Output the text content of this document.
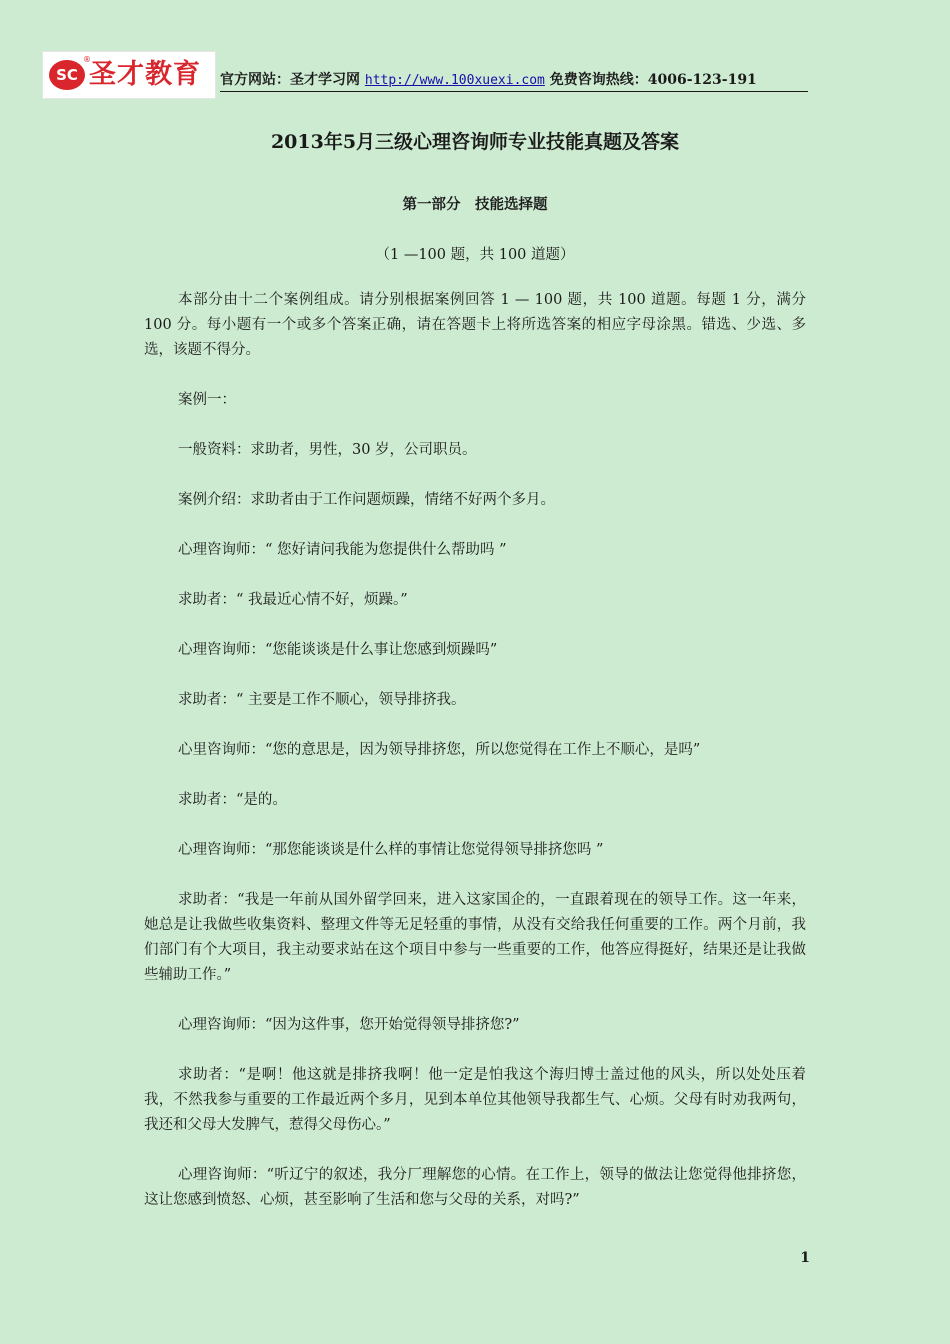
SC
®
圣才教育 官方网站：圣才学习网 http://www.100xuexi.com 免费咨询热线：4006-123-191
2013年5月三级心理咨询师专业技能真题及答案
第一部分　技能选择题
（1 —100 题，共 100 道题）

本部分由十二个案例组成。请分别根据案例回答 1 — 100 题，共 100 道题。每题 1 分，满分 100 分。每小题有一个或多个答案正确，请在答题卡上将所选答案的相应字母涂黑。错选、少选、多选，该题不得分。

案例一：

一般资料：求助者，男性，30 岁，公司职员。

案例介绍：求助者由于工作问题烦躁，情绪不好两个多月。

心理咨询师：“ 您好请问我能为您提供什么帮助吗 ”

求助者：“ 我最近心情不好，烦躁。”

心理咨询师：“您能谈谈是什么事让您感到烦躁吗”

求助者：“ 主要是工作不顺心，领导排挤我。

心里咨询师：“您的意思是，因为领导排挤您，所以您觉得在工作上不顺心，是吗”

求助者：“是的。

心理咨询师：“那您能谈谈是什么样的事情让您觉得领导排挤您吗 ”

求助者：“我是一年前从国外留学回来，进入这家国企的，一直跟着现在的领导工作。这一年来，她总是让我做些收集资料、整理文件等无足轻重的事情，从没有交给我任何重要的工作。两个月前，我们部门有个大项目，我主动要求站在这个项目中参与一些重要的工作，他答应得挺好，结果还是让我做些辅助工作。”

心理咨询师：“因为这件事，您开始觉得领导排挤您?”

求助者：“是啊！他这就是排挤我啊！他一定是怕我这个海归博士盖过他的风头，所以处处压着我，不然我参与重要的工作最近两个多月，见到本单位其他领导我都生气、心烦。父母有时劝我两句，我还和父母大发脾气，惹得父母伤心。”

心理咨询师：“听辽宁的叙述，我分厂理解您的心情。在工作上，领导的做法让您觉得他排挤您，这让您感到愤怒、心烦，甚至影响了生活和您与父母的关系，对吗?”

1
